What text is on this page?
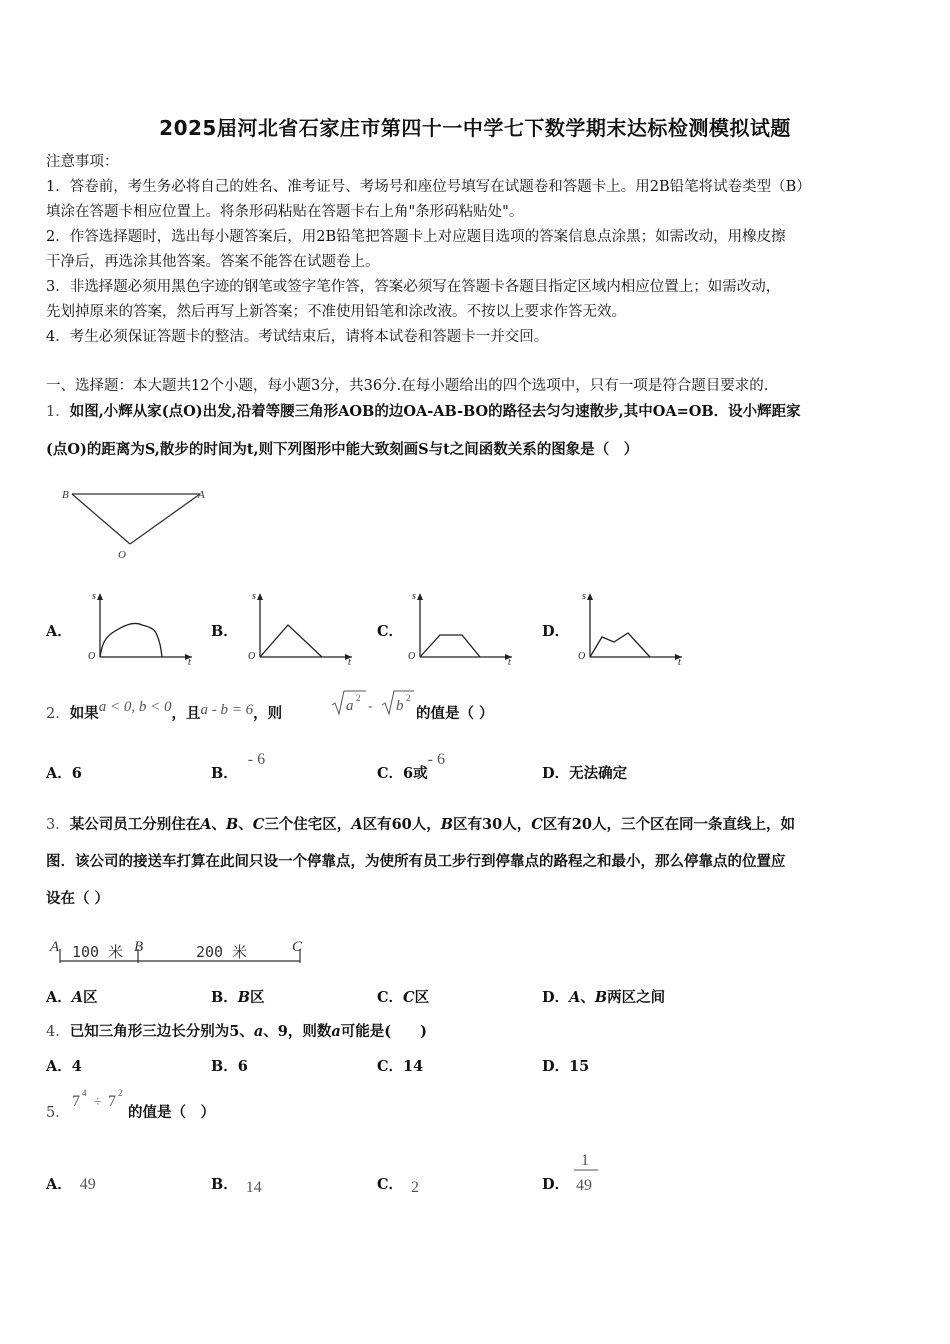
2025届河北省石家庄市第四十一中学七下数学期末达标检测模拟试题
注意事项：
1．答卷前，考生务必将自己的姓名、准考证号、考场号和座位号填写在试题卷和答题卡上。用2B铅笔将试卷类型（B）
填涂在答题卡相应位置上。将条形码粘贴在答题卡右上角"条形码粘贴处"。
2．作答选择题时，选出每小题答案后，用2B铅笔把答题卡上对应题目选项的答案信息点涂黑；如需改动，用橡皮擦
干净后，再选涂其他答案。答案不能答在试题卷上。
3．非选择题必须用黑色字迹的钢笔或签字笔作答，答案必须写在答题卡各题目指定区域内相应位置上；如需改动，
先划掉原来的答案，然后再写上新答案；不准使用铅笔和涂改液。不按以上要求作答无效。
4．考生必须保证答题卡的整洁。考试结束后，请将本试卷和答题卡一并交回。
一、选择题：本大题共12个小题，每小题3分，共36分.在每小题给出的四个选项中，只有一项是符合题目要求的.
1．如图,小辉从家(点O)出发,沿着等腰三角形AOB的边OA-AB-BO的路径去匀匀速散步,其中OA=OB．设小辉距家
(点O)的距离为S,散步的时间为t,则下列图形中能大致刻画S与t之间函数关系的图象是（　）
B	A
O
A．	B．	C．	D．
s
t
O
s
t
O
s
t
O
s
t
O
2．如果a < 0, b < 0，且a - b = 6，则	a 2
- b 2
的值是（ ）
A．6	B．- 6
C．6或- 6
D．无法确定
3．某公司员工分别住在A、B、C三个住宅区，A区有60人，B区有30人，C区有20人，三个区在同一条直线上，如
图．该公司的接送车打算在此间只设一个停靠点，为使所有员工步行到停靠点的路程之和最小，那么停靠点的位置应
设在（ ）
A	B	C
100 米	200 米
A．A区	B．B区	C．C区	D．A、B两区之间
4．已知三角形三边长分别为5、a、9，则数a可能是(　　)
A．4	B．6	C．14	D．15
5．
7 4
÷ 7 2
的值是（　）
A． 49	B． 14	C． 2	D．
1
49
